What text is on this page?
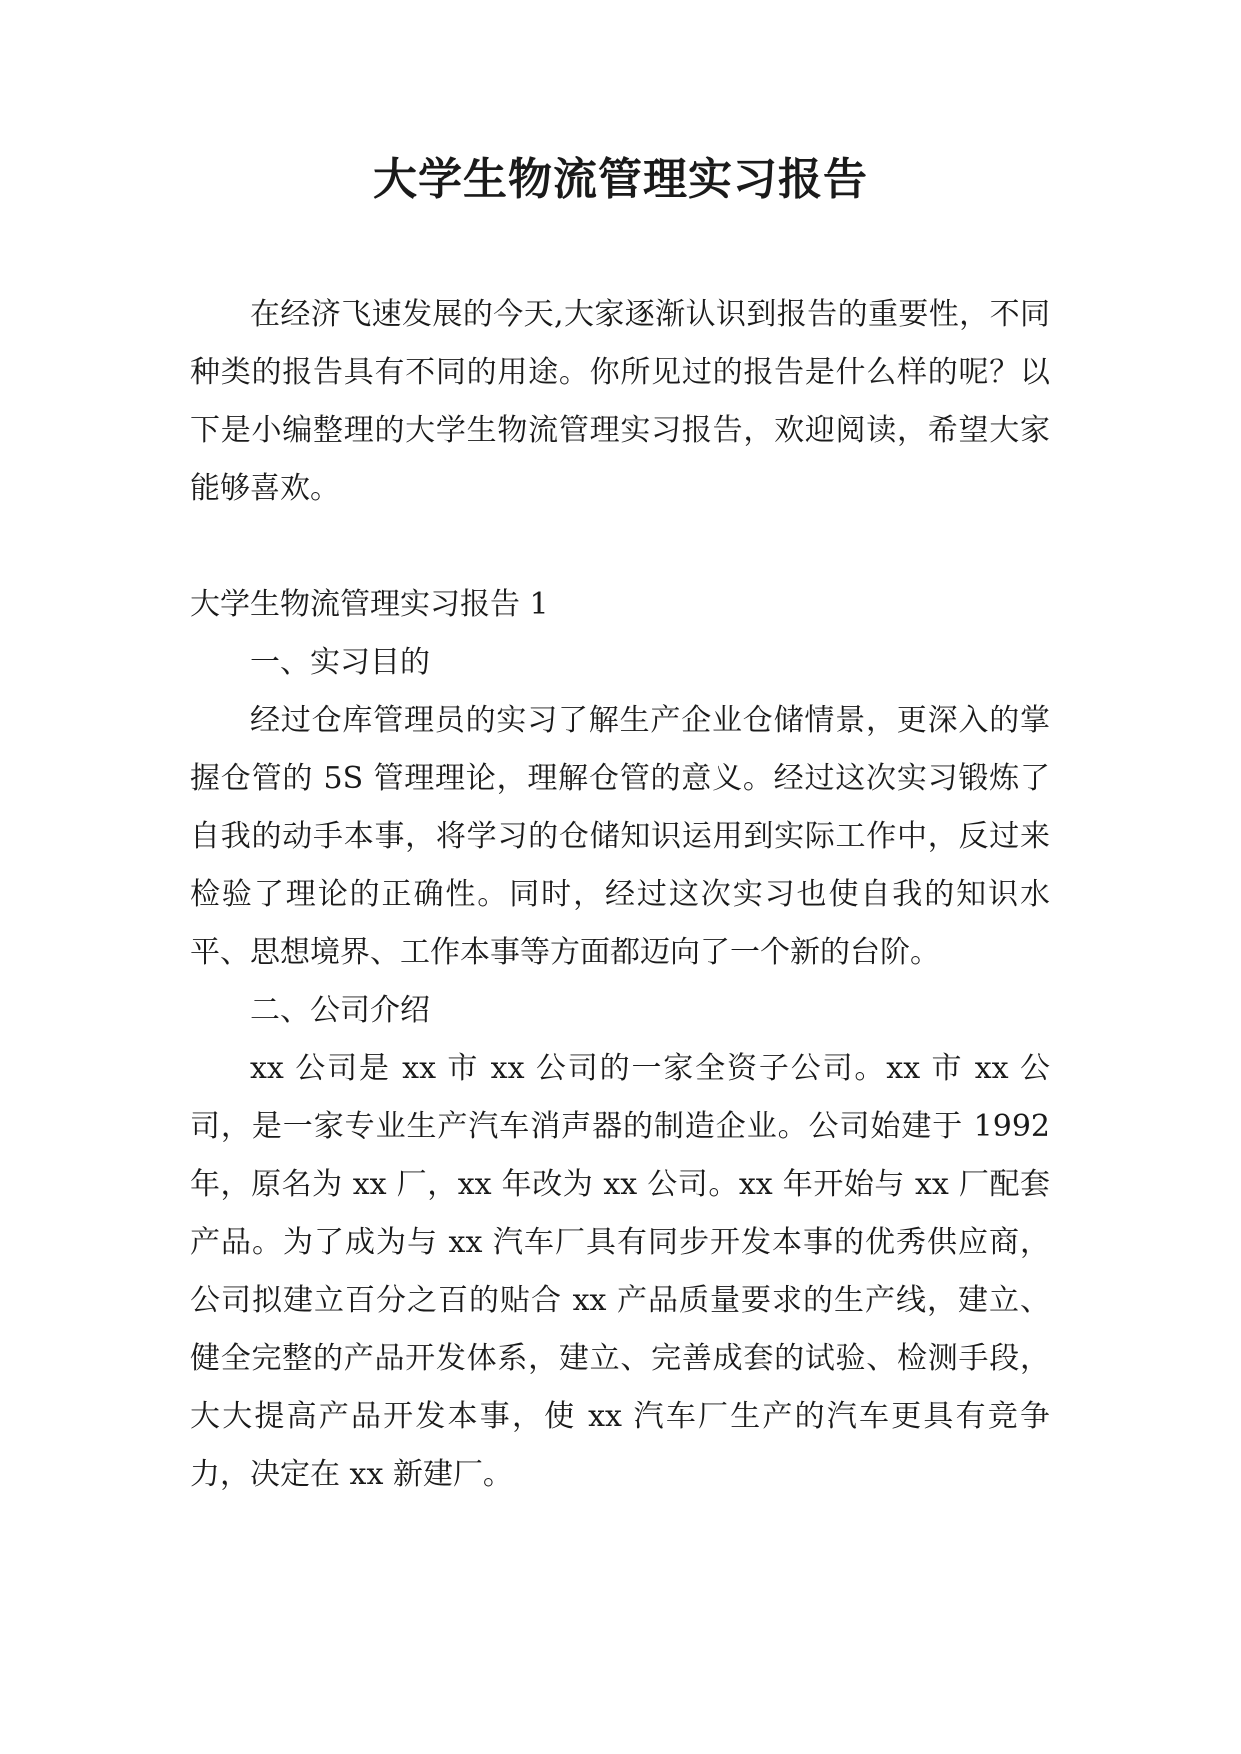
大学生物流管理实习报告

在经济飞速发展的今天,大家逐渐认识到报告的重要性，不同种类的报告具有不同的用途。你所见过的报告是什么样的呢？以下是小编整理的大学生物流管理实习报告，欢迎阅读，希望大家能够喜欢。

大学生物流管理实习报告 1

一、实习目的

经过仓库管理员的实习了解生产企业仓储情景，更深入的掌握仓管的 5S 管理理论，理解仓管的意义。经过这次实习锻炼了自我的动手本事，将学习的仓储知识运用到实际工作中，反过来检验了理论的正确性。同时，经过这次实习也使自我的知识水平、思想境界、工作本事等方面都迈向了一个新的台阶。

二、公司介绍

xx 公司是 xx 市 xx 公司的一家全资子公司。xx 市 xx 公司，是一家专业生产汽车消声器的制造企业。公司始建于 1992 年，原名为 xx 厂，xx 年改为 xx 公司。xx 年开始与 xx 厂配套产品。为了成为与 xx 汽车厂具有同步开发本事的优秀供应商，公司拟建立百分之百的贴合 xx 产品质量要求的生产线，建立、健全完整的产品开发体系，建立、完善成套的试验、检测手段，大大提高产品开发本事，使 xx 汽车厂生产的汽车更具有竞争力，决定在 xx 新建厂。
